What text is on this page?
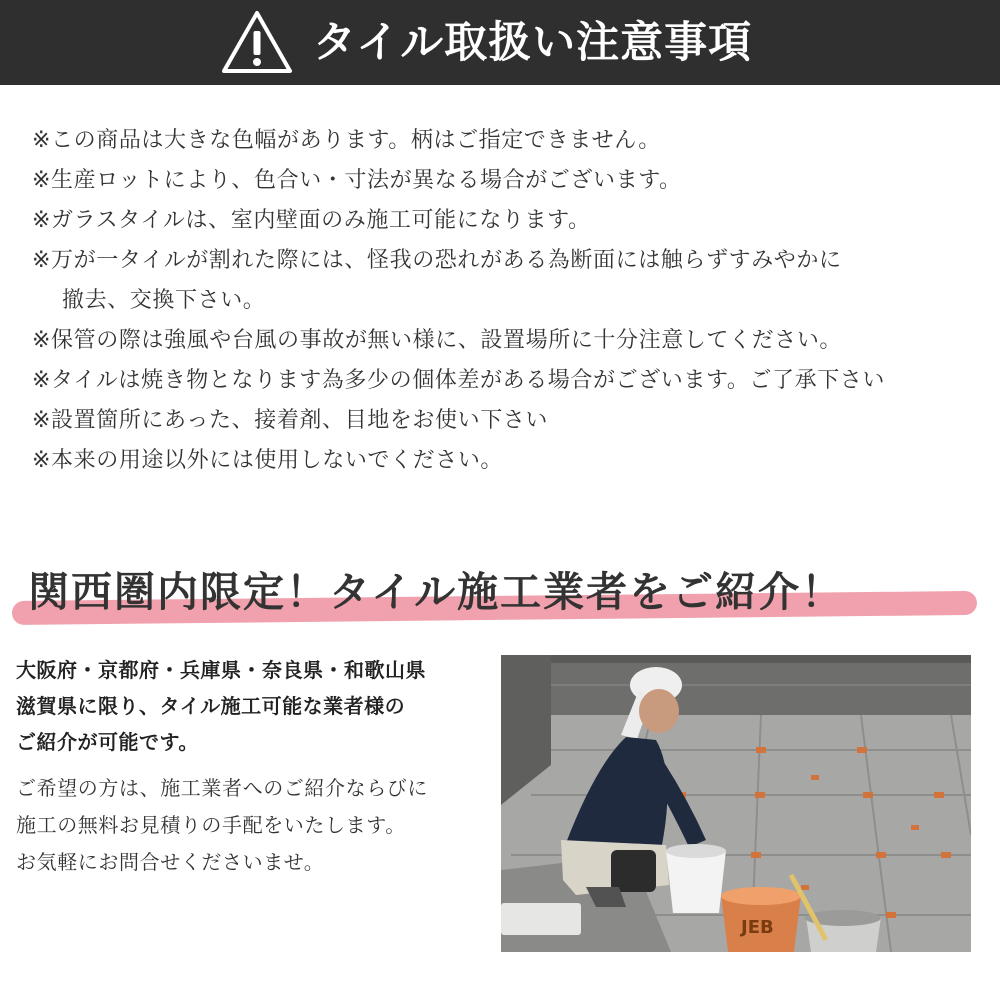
タイル取扱い注意事項
※この商品は大きな色幅があります。柄はご指定できません。
※生産ロットにより、色合い・寸法が異なる場合がございます。
※ガラスタイルは、室内壁面のみ施工可能になります。
※万が一タイルが割れた際には、怪我の恐れがある為断面には触らずすみやかに
撤去、交換下さい。
※保管の際は強風や台風の事故が無い様に、設置場所に十分注意してください。
※タイルは焼き物となります為多少の個体差がある場合がございます。ご了承下さい
※設置箇所にあった、接着剤、目地をお使い下さい
※本来の用途以外には使用しないでください。
関西圏内限定！タイル施工業者をご紹介！
大阪府・京都府・兵庫県・奈良県・和歌山県
滋賀県に限り、タイル施工可能な業者様の
ご紹介が可能です。
ご希望の方は、施工業者へのご紹介ならびに
施工の無料お見積りの手配をいたします。
お気軽にお問合せくださいませ。
JEB
